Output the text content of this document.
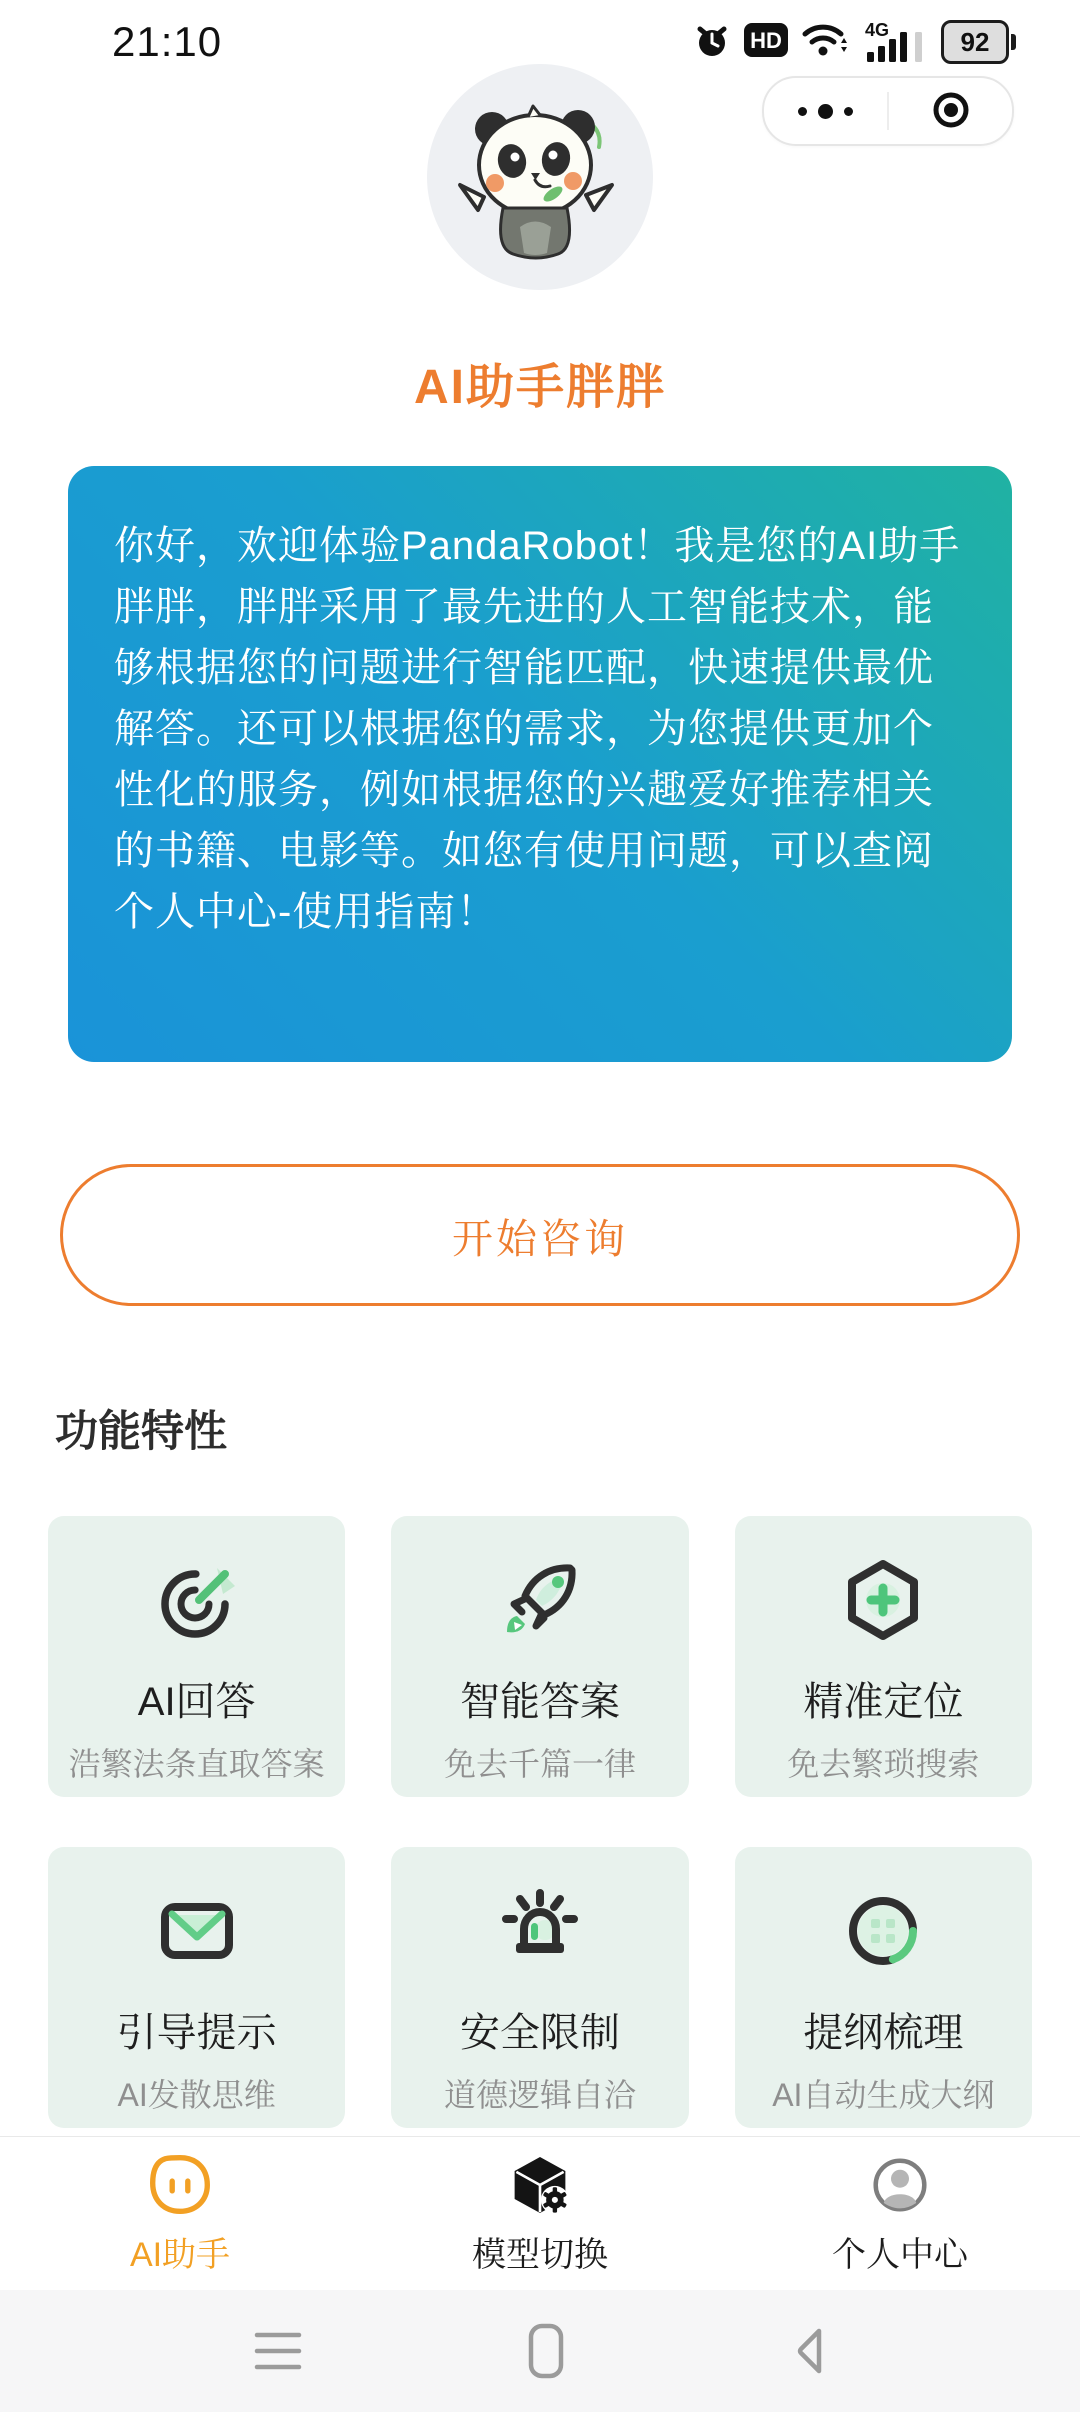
21:10	HD	4G	92
AI助手胖胖

你好，欢迎体验PandaRobot！我是您的AI助手胖胖，胖胖采用了最先进的人工智能技术，能够根据您的问题进行智能匹配，快速提供最优解答。还可以根据您的需求，为您提供更加个性化的服务，例如根据您的兴趣爱好推荐相关的书籍、电影等。如您有使用问题，可以查阅个人中心-使用指南！

开始咨询
功能特性
AI回答
浩繁法条直取答案
智能答案
免去千篇一律
精准定位
免去繁琐搜索
引导提示
AI发散思维
安全限制
道德逻辑自洽
提纲梳理
AI自动生成大纲
AI助手	模型切换	个人中心
